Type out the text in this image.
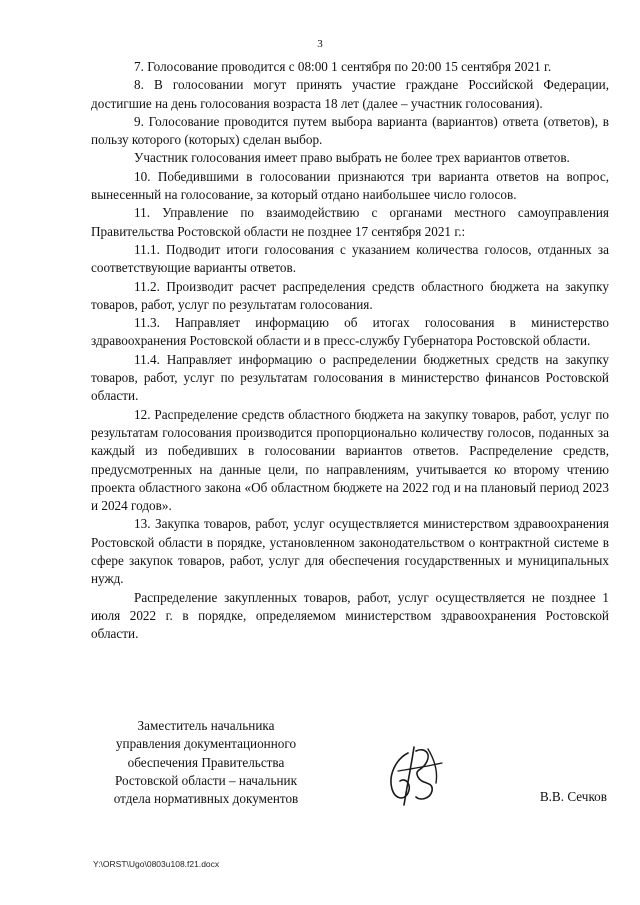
3

7. Голосование проводится с 08:00 1 сентября по 20:00 15 сентября 2021 г.

8. В голосовании могут принять участие граждане Российской Федерации, достигшие на день голосования возраста 18 лет (далее – участник голосования).

9. Голосование проводится путем выбора варианта (вариантов) ответа (ответов), в пользу которого (которых) сделан выбор.

Участник голосования имеет право выбрать не более трех вариантов ответов.

10. Победившими в голосовании признаются три варианта ответов на вопрос, вынесенный на голосование, за который отдано наибольшее число голосов.

11. Управление по взаимодействию с органами местного самоуправления Правительства Ростовской области не позднее 17 сентября 2021 г.:

11.1. Подводит итоги голосования с указанием количества голосов, отданных за соответствующие варианты ответов.

11.2. Производит расчет распределения средств областного бюджета на закупку товаров, работ, услуг по результатам голосования.

11.3. Направляет информацию об итогах голосования в министерство здравоохранения Ростовской области и в пресс-службу Губернатора Ростовской области.

11.4. Направляет информацию о распределении бюджетных средств на закупку товаров, работ, услуг по результатам голосования в министерство финансов Ростовской области.

12. Распределение средств областного бюджета на закупку товаров, работ, услуг по результатам голосования производится пропорционально количеству голосов, поданных за каждый из победивших в голосовании вариантов ответов. Распределение средств, предусмотренных на данные цели, по направлениям, учитывается ко второму чтению проекта областного закона «Об областном бюджете на 2022 год и на плановый период 2023 и 2024 годов».

13. Закупка товаров, работ, услуг осуществляется министерством здравоохранения Ростовской области в порядке, установленном законодательством о контрактной системе в сфере закупок товаров, работ, услуг для обеспечения государственных и муниципальных нужд.

Распределение закупленных товаров, работ, услуг осуществляется не позднее 1 июля 2022 г. в порядке, определяемом министерством здравоохранения Ростовской области.

Заместитель начальника
управления документационного
обеспечения Правительства
Ростовской области – начальник
отдела нормативных документов	В.В. Сечков
Y:\ORST\Ugo\0803u108.f21.docx
